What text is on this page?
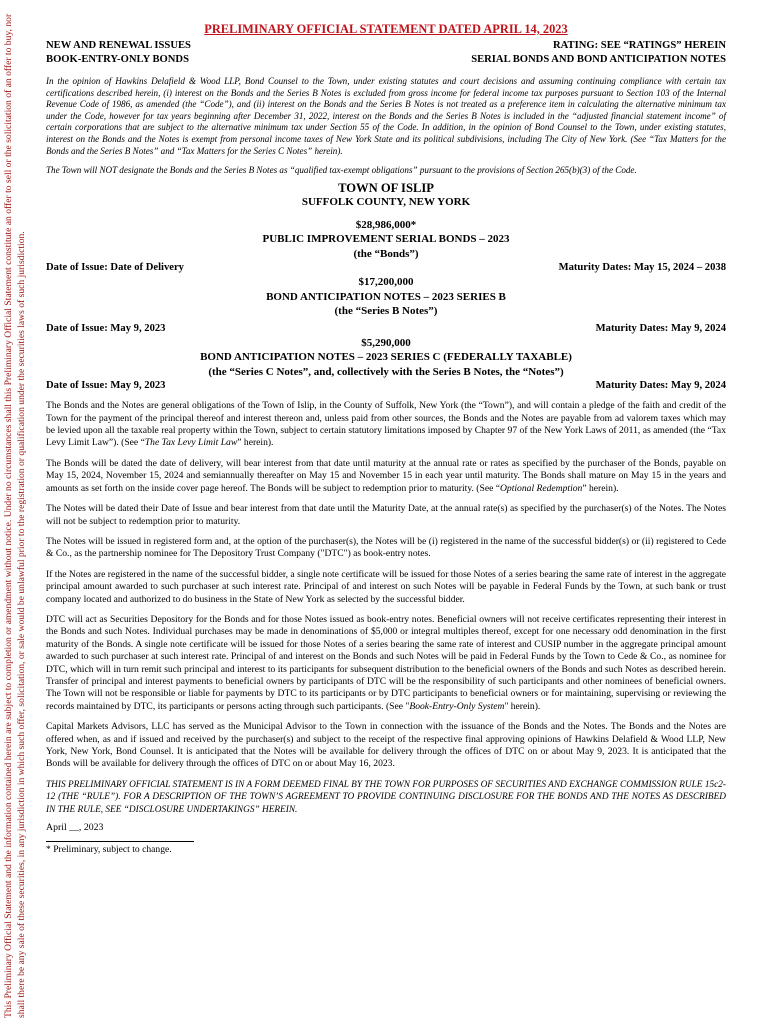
This Preliminary Official Statement and the information contained herein are subject to completion or amendment without notice. Under no circumstances shall this Preliminary Official Statement constitute an offer to sell or the solicitation of an offer to buy, nor shall there be any sale of these securities, in any jurisdiction in which such offer, solicitation, or sale would be unlawful prior to the registration or qualification under the securities laws of such jurisdiction.

PRELIMINARY OFFICIAL STATEMENT DATED APRIL 14, 2023

NEW AND RENEWAL ISSUES	RATING: SEE “RATINGS” HEREIN
BOOK-ENTRY-ONLY BONDS	SERIAL BONDS AND BOND ANTICIPATION NOTES

In the opinion of Hawkins Delafield & Wood LLP, Bond Counsel to the Town, under existing statutes and court decisions and assuming continuing compliance with certain tax certifications described herein, (i) interest on the Bonds and the Series B Notes is excluded from gross income for federal income tax purposes pursuant to Section 103 of the Internal Revenue Code of 1986, as amended (the “Code”), and (ii) interest on the Bonds and the Series B Notes is not treated as a preference item in calculating the alternative minimum tax under the Code, however for tax years beginning after December 31, 2022, interest on the Bonds and the Series B Notes is included in the “adjusted financial statement income” of certain corporations that are subject to the alternative minimum tax under Section 55 of the Code. In addition, in the opinion of Bond Counsel to the Town, under existing statutes, interest on the Bonds and the Notes is exempt from personal income taxes of New York State and its political subdivisions, including The City of New York. (See “Tax Matters for the Bonds and the Series B Notes” and “Tax Matters for the Series C Notes” herein).

The Town will NOT designate the Bonds and the Series B Notes as “qualified tax-exempt obligations” pursuant to the provisions of Section 265(b)(3) of the Code.

TOWN OF ISLIP

SUFFOLK COUNTY, NEW YORK

$28,986,000*

PUBLIC IMPROVEMENT SERIAL BONDS – 2023

(the “Bonds”)

Date of Issue: Date of Delivery	Maturity Dates: May 15, 2024 – 2038

$17,200,000

BOND ANTICIPATION NOTES – 2023 SERIES B

(the “Series B Notes”)

Date of Issue: May 9, 2023	Maturity Dates: May 9, 2024

$5,290,000

BOND ANTICIPATION NOTES – 2023 SERIES C (FEDERALLY TAXABLE)

(the “Series C Notes”, and, collectively with the Series B Notes, the “Notes”)

Date of Issue: May 9, 2023	Maturity Dates: May 9, 2024

The Bonds and the Notes are general obligations of the Town of Islip, in the County of Suffolk, New York (the “Town”), and will contain a pledge of the faith and credit of the Town for the payment of the principal thereof and interest thereon and, unless paid from other sources, the Bonds and the Notes are payable from ad valorem taxes which may be levied upon all the taxable real property within the Town, subject to certain statutory limitations imposed by Chapter 97 of the New York Laws of 2011, as amended (the “Tax Levy Limit Law”). (See “The Tax Levy Limit Law” herein).

The Bonds will be dated the date of delivery, will bear interest from that date until maturity at the annual rate or rates as specified by the purchaser of the Bonds, payable on May 15, 2024, November 15, 2024 and semiannually thereafter on May 15 and November 15 in each year until maturity. The Bonds shall mature on May 15 in the years and amounts as set forth on the inside cover page hereof. The Bonds will be subject to redemption prior to maturity. (See “Optional Redemption” herein).

The Notes will be dated their Date of Issue and bear interest from that date until the Maturity Date, at the annual rate(s) as specified by the purchaser(s) of the Notes. The Notes will not be subject to redemption prior to maturity.

The Notes will be issued in registered form and, at the option of the purchaser(s), the Notes will be (i) registered in the name of the successful bidder(s) or (ii) registered to Cede & Co., as the partnership nominee for The Depository Trust Company ("DTC") as book-entry notes.

If the Notes are registered in the name of the successful bidder, a single note certificate will be issued for those Notes of a series bearing the same rate of interest in the aggregate principal amount awarded to such purchaser at such interest rate. Principal of and interest on such Notes will be payable in Federal Funds by the Town, at such bank or trust company located and authorized to do business in the State of New York as selected by the successful bidder.

DTC will act as Securities Depository for the Bonds and for those Notes issued as book-entry notes. Beneficial owners will not receive certificates representing their interest in the Bonds and such Notes. Individual purchases may be made in denominations of $5,000 or integral multiples thereof, except for one necessary odd denomination in the first maturity of the Bonds. A single note certificate will be issued for those Notes of a series bearing the same rate of interest and CUSIP number in the aggregate principal amount awarded to such purchaser at such interest rate. Principal of and interest on the Bonds and such Notes will be paid in Federal Funds by the Town to Cede & Co., as nominee for DTC, which will in turn remit such principal and interest to its participants for subsequent distribution to the beneficial owners of the Bonds and such Notes as described herein. Transfer of principal and interest payments to beneficial owners by participants of DTC will be the responsibility of such participants and other nominees of beneficial owners. The Town will not be responsible or liable for payments by DTC to its participants or by DTC participants to beneficial owners or for maintaining, supervising or reviewing the records maintained by DTC, its participants or persons acting through such participants. (See "Book-Entry-Only System" herein).

Capital Markets Advisors, LLC has served as the Municipal Advisor to the Town in connection with the issuance of the Bonds and the Notes. The Bonds and the Notes are offered when, as and if issued and received by the purchaser(s) and subject to the receipt of the respective final approving opinions of Hawkins Delafield & Wood LLP, New York, New York, Bond Counsel. It is anticipated that the Notes will be available for delivery through the offices of DTC on or about May 9, 2023. It is anticipated that the Bonds will be available for delivery through the offices of DTC on or about May 16, 2023.

THIS PRELIMINARY OFFICIAL STATEMENT IS IN A FORM DEEMED FINAL BY THE TOWN FOR PURPOSES OF SECURITIES AND EXCHANGE COMMISSION RULE 15c2-12 (THE “RULE”). FOR A DESCRIPTION OF THE TOWN’S AGREEMENT TO PROVIDE CONTINUING DISCLOSURE FOR THE BONDS AND THE NOTES AS DESCRIBED IN THE RULE, SEE “DISCLOSURE UNDERTAKINGS” HEREIN.

April __, 2023

* Preliminary, subject to change.
